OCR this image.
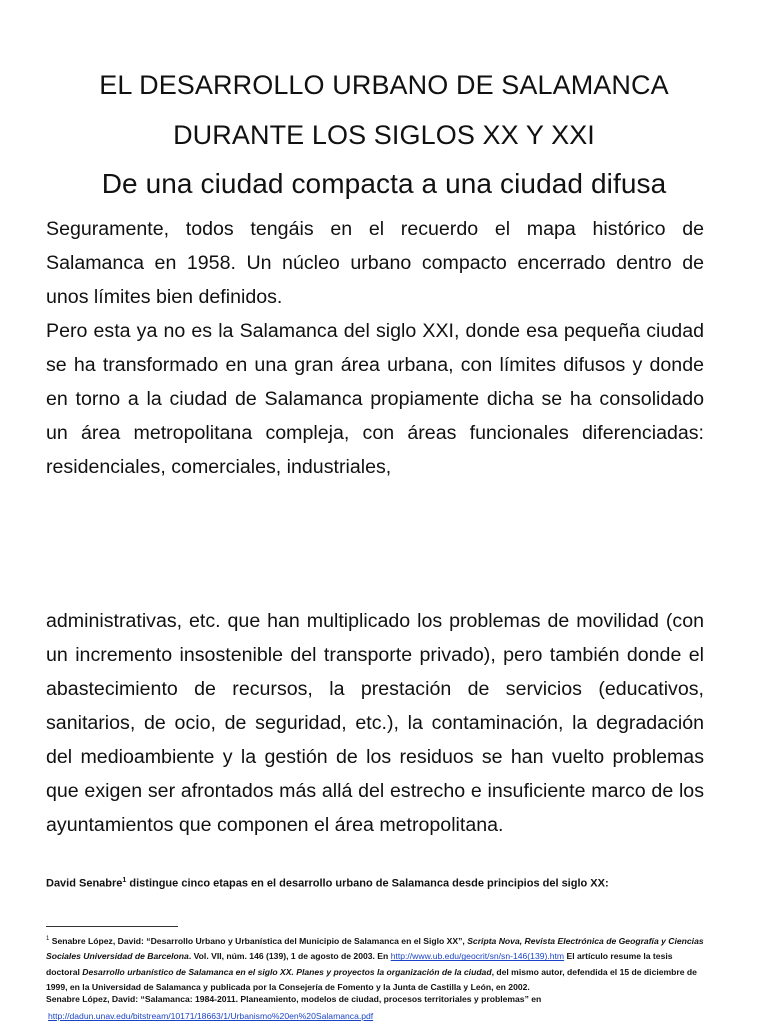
EL DESARROLLO URBANO DE SALAMANCA
DURANTE LOS SIGLOS XX Y XXI
De una ciudad compacta a una ciudad difusa
Seguramente, todos tengáis en el recuerdo el mapa histórico de Salamanca en 1958. Un núcleo urbano compacto encerrado dentro de unos límites bien definidos.
Pero esta ya no es la Salamanca del siglo XXI, donde esa pequeña ciudad se ha transformado en una gran área urbana, con límites difusos y donde en torno a la ciudad de Salamanca propiamente dicha se ha consolidado un área metropolitana compleja, con áreas funcionales diferenciadas: residenciales, comerciales, industriales,
administrativas, etc. que han multiplicado los problemas de movilidad (con un incremento insostenible del transporte privado), pero también donde el abastecimiento de recursos, la prestación de servicios (educativos, sanitarios, de ocio, de seguridad, etc.), la contaminación, la degradación del medioambiente y la gestión de los residuos se han vuelto problemas que exigen ser afrontados más allá del estrecho e insuficiente marco de los ayuntamientos que componen el área metropolitana.
David Senabre$^1$ distingue cinco etapas en el desarrollo urbano de Salamanca desde principios del siglo XX:
$^1$ Senabre López, David: “Desarrollo Urbano y Urbanística del Municipio de Salamanca en el Siglo XX”, Scripta Nova, Revista Electrónica de Geografía y Ciencias Sociales Universidad de Barcelona. Vol. VII, núm. 146 (139), 1 de agosto de 2003. En http://www.ub.edu/geocrit/sn/sn-146(139).htm El artículo resume la tesis doctoral Desarrollo urbanístico de Salamanca en el siglo XX. Planes y proyectos la organización de la ciudad, del mismo autor, defendida el 15 de diciembre de 1999, en la Universidad de Salamanca y publicada por la Consejería de Fomento y la Junta de Castilla y León, en 2002.
Senabre López, David: “Salamanca: 1984-2011. Planeamiento, modelos de ciudad, procesos territoriales y problemas” en
http://dadun.unav.edu/bitstream/10171/18663/1/Urbanismo%20en%20Salamanca.pdf
